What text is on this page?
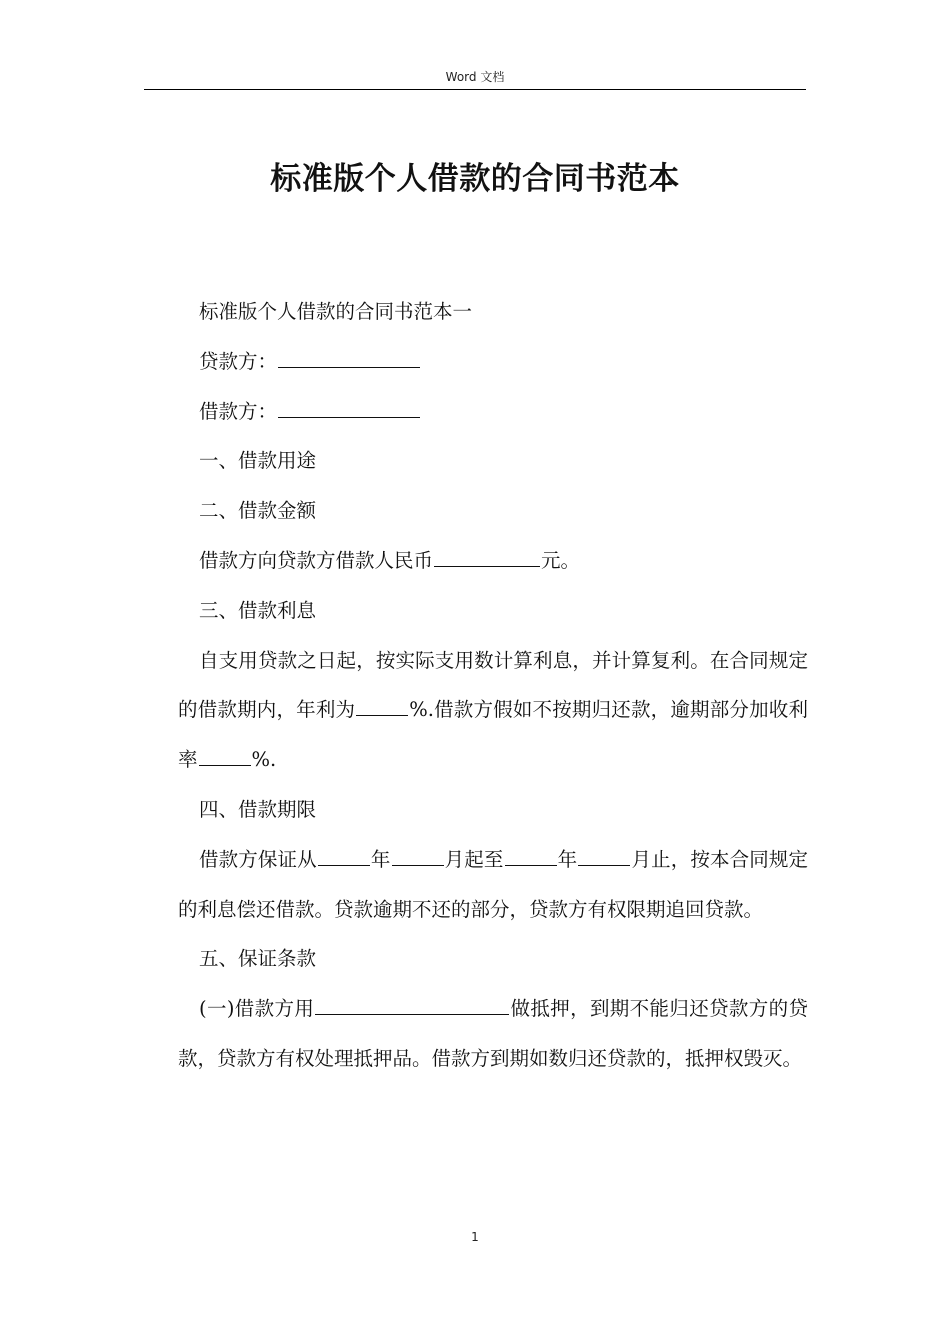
Word 文档
标准版个人借款的合同书范本

标准版个人借款的合同书范本一

贷款方：

借款方：

一、借款用途

二、借款金额

借款方向贷款方借款人民币	元。

三、借款利息

自支用贷款之日起，按实际支用数计算利息，并计算复利。在合同规定的借款期内，年利为	%.借款方假如不按期归还款，逾期部分加收利率	%.

四、借款期限

借款方保证从	年	月起至	年	月止，按本合同规定的利息偿还借款。贷款逾期不还的部分，贷款方有权限期追回贷款。

五、保证条款

(一)借款方用	做抵押，到期不能归还贷款方的贷款，贷款方有权处理抵押品。借款方到期如数归还贷款的，抵押权毁灭。

1
